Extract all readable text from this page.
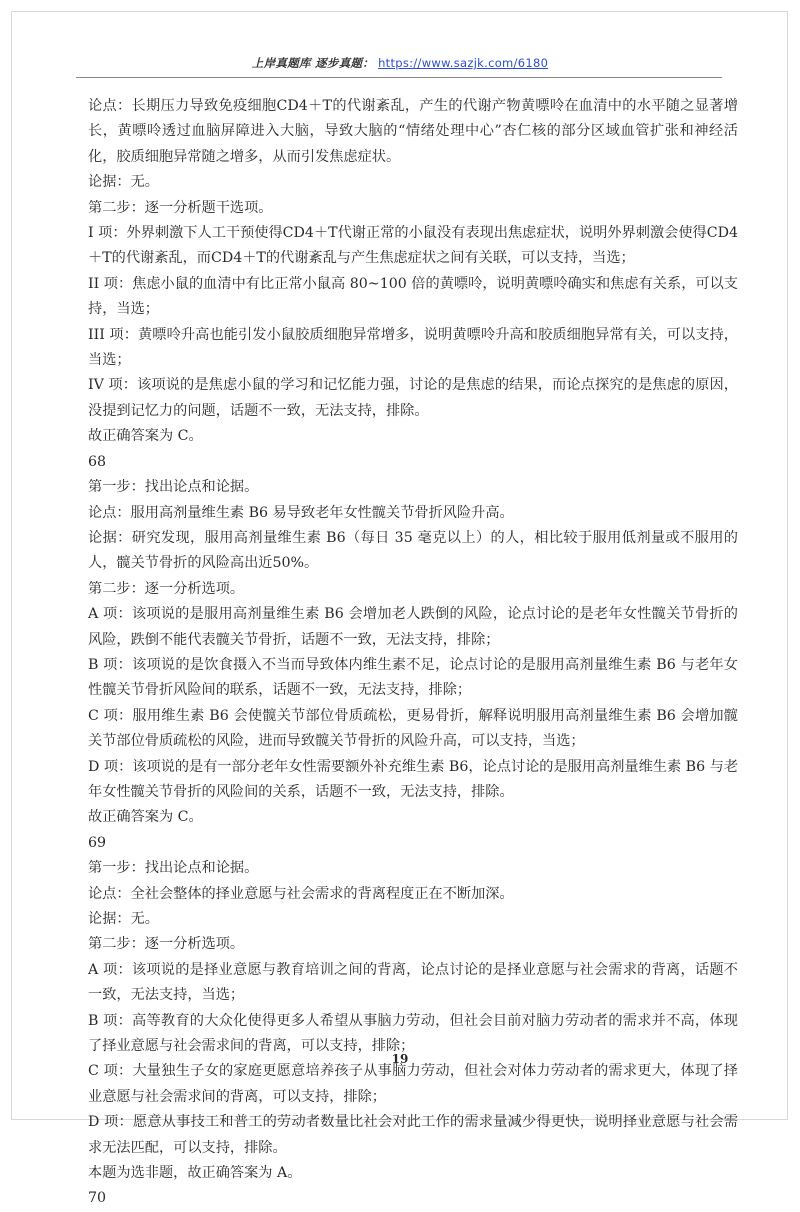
上岸真题库 逐步真题： https://www.sazjk.com/6180

论点：长期压力导致免疫细胞CD4＋T的代谢紊乱，产生的代谢产物黄嘌呤在血清中的水平随之显著增长，黄嘌呤透过血脑屏障进入大脑，导致大脑的“情绪处理中心”杏仁核的部分区域血管扩张和神经活化，胶质细胞异常随之增多，从而引发焦虑症状。

论据：无。

第二步：逐一分析题干选项。

I 项：外界刺激下人工干预使得CD4＋T代谢正常的小鼠没有表现出焦虑症状，说明外界刺激会使得CD4＋T的代谢紊乱，而CD4＋T的代谢紊乱与产生焦虑症状之间有关联，可以支持，当选；

II 项：焦虑小鼠的血清中有比正常小鼠高 80~100 倍的黄嘌呤，说明黄嘌呤确实和焦虑有关系，可以支持，当选；

III 项：黄嘌呤升高也能引发小鼠胶质细胞异常增多，说明黄嘌呤升高和胶质细胞异常有关，可以支持，当选；

IV 项：该项说的是焦虑小鼠的学习和记忆能力强，讨论的是焦虑的结果，而论点探究的是焦虑的原因，没提到记忆力的问题，话题不一致，无法支持，排除。

故正确答案为 C。

68

第一步：找出论点和论据。

论点：服用高剂量维生素 B6 易导致老年女性髋关节骨折风险升高。

论据：研究发现，服用高剂量维生素 B6（每日 35 毫克以上）的人，相比较于服用低剂量或不服用的人，髋关节骨折的风险高出近50%。

第二步：逐一分析选项。

A 项：该项说的是服用高剂量维生素 B6 会增加老人跌倒的风险，论点讨论的是老年女性髋关节骨折的风险，跌倒不能代表髋关节骨折，话题不一致，无法支持，排除；

B 项：该项说的是饮食摄入不当而导致体内维生素不足，论点讨论的是服用高剂量维生素 B6 与老年女性髋关节骨折风险间的联系，话题不一致，无法支持，排除；

C 项：服用维生素 B6 会使髋关节部位骨质疏松，更易骨折，解释说明服用高剂量维生素 B6 会增加髋关节部位骨质疏松的风险，进而导致髋关节骨折的风险升高，可以支持，当选；

D 项：该项说的是有一部分老年女性需要额外补充维生素 B6，论点讨论的是服用高剂量维生素 B6 与老年女性髋关节骨折的风险间的关系，话题不一致，无法支持，排除。

故正确答案为 C。

69

第一步：找出论点和论据。

论点：全社会整体的择业意愿与社会需求的背离程度正在不断加深。

论据：无。

第二步：逐一分析选项。

A 项：该项说的是择业意愿与教育培训之间的背离，论点讨论的是择业意愿与社会需求的背离，话题不一致，无法支持，当选；

B 项：高等教育的大众化使得更多人希望从事脑力劳动，但社会目前对脑力劳动者的需求并不高，体现了择业意愿与社会需求间的背离，可以支持，排除；

C 项：大量独生子女的家庭更愿意培养孩子从事脑力劳动，但社会对体力劳动者的需求更大，体现了择业意愿与社会需求间的背离，可以支持，排除；

D 项：愿意从事技工和普工的劳动者数量比社会对此工作的需求量减少得更快，说明择业意愿与社会需求无法匹配，可以支持，排除。

本题为选非题，故正确答案为 A。

70

19
